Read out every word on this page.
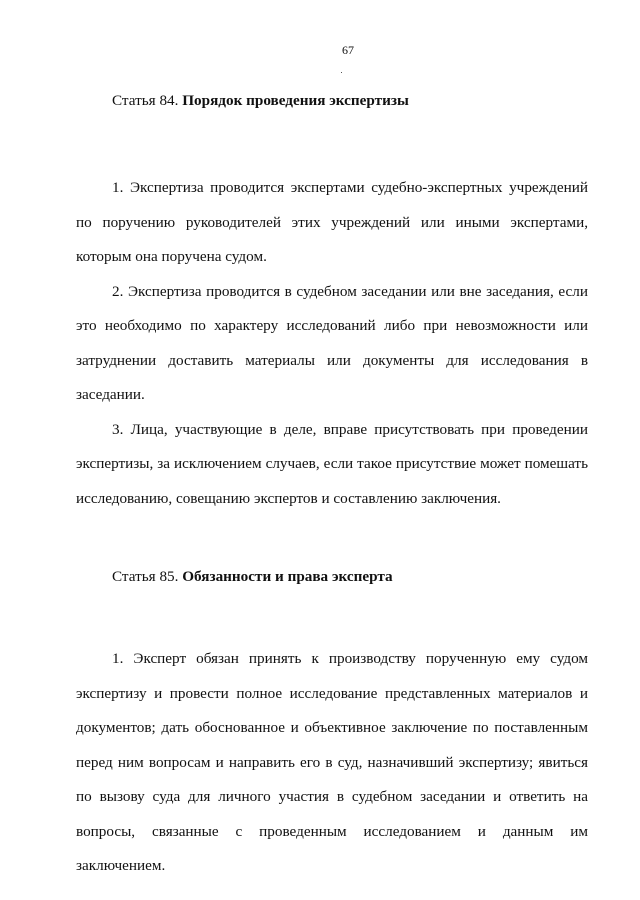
67
Статья 84. Порядок проведения экспертизы

1. Экспертиза проводится экспертами судебно-экспертных учреждений по поручению руководителей этих учреждений или иными экспертами, которым она поручена судом.

2. Экспертиза проводится в судебном заседании или вне заседания, если это необходимо по характеру исследований либо при невозможности или затруднении доставить материалы или документы для исследования в заседании.

3. Лица, участвующие в деле, вправе присутствовать при проведении экспертизы, за исключением случаев, если такое присутствие может помешать исследованию, совещанию экспертов и составлению заключения.

Статья 85. Обязанности и права эксперта

1. Эксперт обязан принять к производству порученную ему судом экспертизу и провести полное исследование представленных материалов и документов; дать обоснованное и объективное заключение по поставленным перед ним вопросам и направить его в суд, назначивший экспертизу; явиться по вызову суда для личного участия в судебном заседании и ответить на вопросы, связанные с проведенным исследованием и данным им заключением.
